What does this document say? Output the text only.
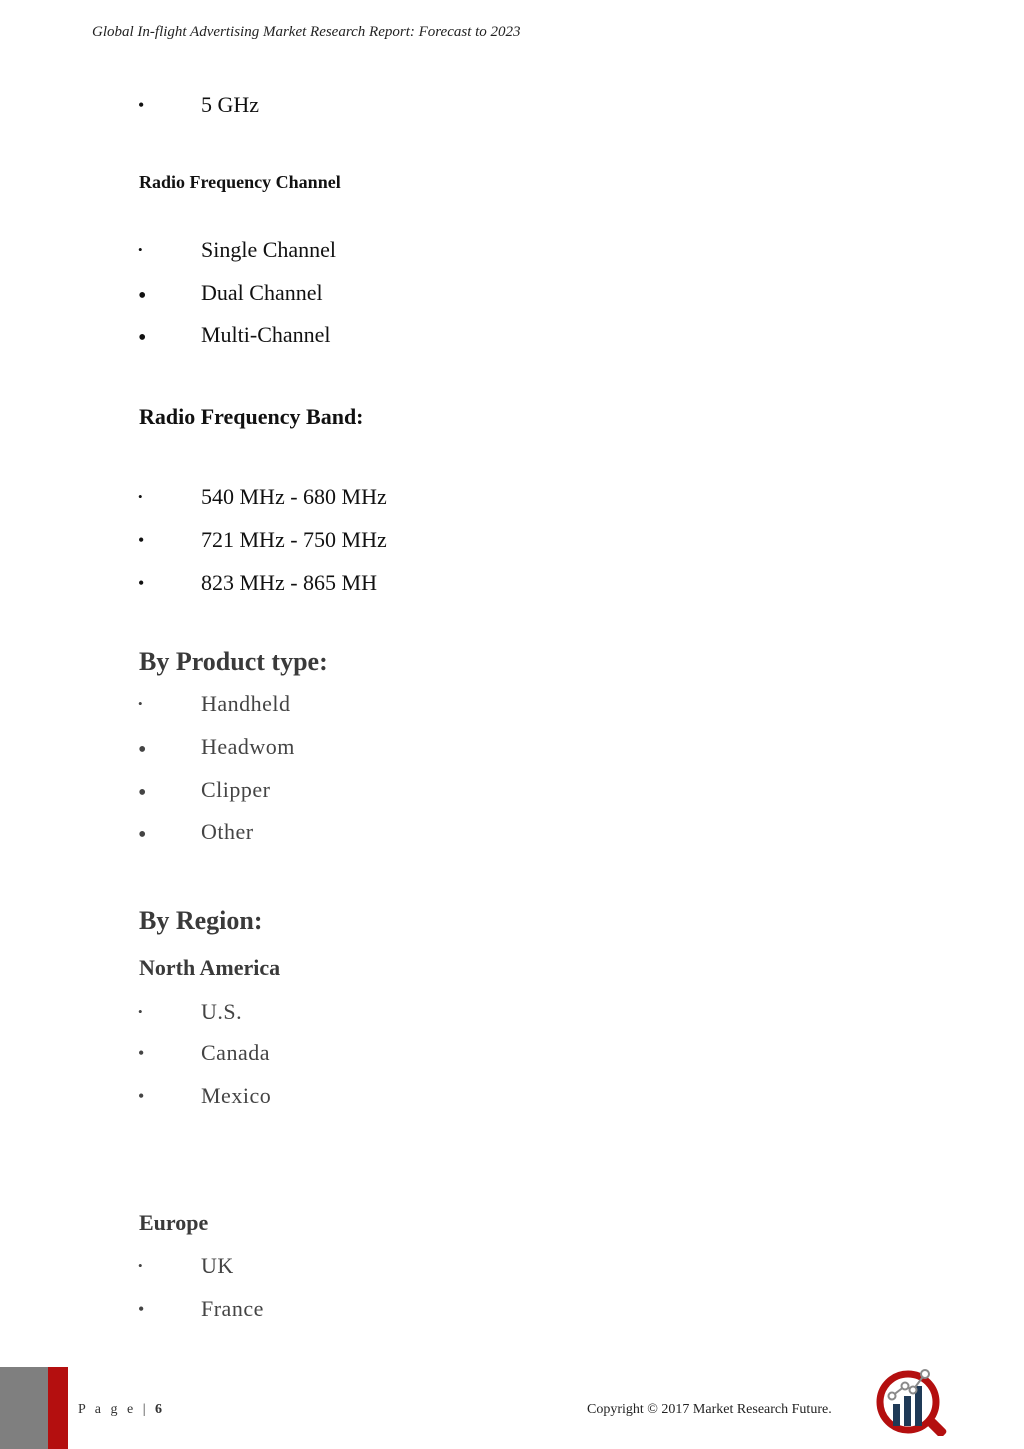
Global In-flight Advertising Market Research Report: Forecast to 2023
•	5 GHz
Radio Frequency Channel
•	Single Channel
• Dual Channel
• Multi-Channel
Radio Frequency Band:
•	540 MHz - 680 MHz
•	721 MHz - 750 MHz
•	823 MHz - 865 MH
By Product type:
•	Handheld
• Headwom
• Clipper
• Other
By Region:
North America
•	U.S.
•	Canada
•	Mexico
Europe
•	UK
•	France
P a g e | 6	Copyright © 2017 Market Research Future.
